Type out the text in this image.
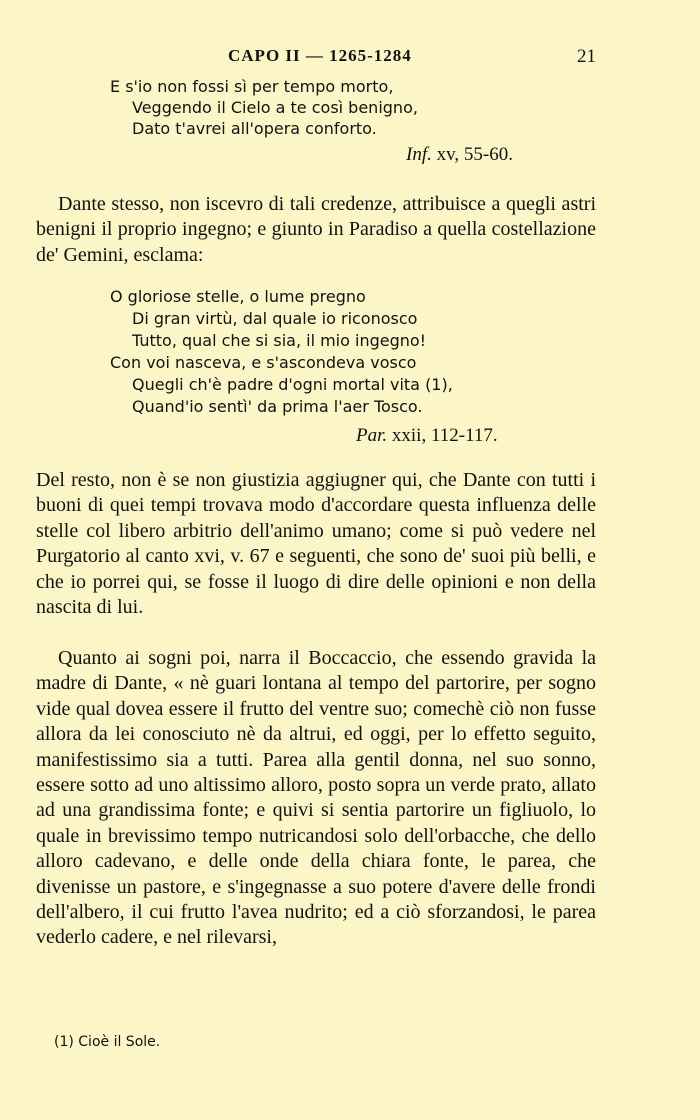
CAPO II — 1265-1284	21
E s'io non fossi sì per tempo morto,
Veggendo il Cielo a te così benigno,
Dato t'avrei all'opera conforto.
Inf. xv, 55-60.

Dante stesso, non iscevro di tali credenze, attribuisce a quegli astri benigni il proprio ingegno; e giunto in Paradiso a quella costellazione de' Gemini, esclama:

O gloriose stelle, o lume pregno
Di gran virtù, dal quale io riconosco
Tutto, qual che si sia, il mio ingegno!
Con voi nasceva, e s'ascondeva vosco
Quegli ch'è padre d'ogni mortal vita (1),
Quand'io sentì' da prima l'aer Tosco.
Par. xxii, 112-117.

Del resto, non è se non giustizia aggiugner qui, che Dante con tutti i buoni di quei tempi trovava modo d'accordare questa influenza delle stelle col libero arbitrio dell'animo umano; come si può vedere nel Purgatorio al canto xvi, v. 67 e seguenti, che sono de' suoi più belli, e che io porrei qui, se fosse il luogo di dire delle opinioni e non della nascita di lui.

Quanto ai sogni poi, narra il Boccaccio, che essendo gravida la madre di Dante, « nè guari lontana al tempo del partorire, per sogno vide qual dovea essere il frutto del ventre suo; comechè ciò non fusse allora da lei conosciuto nè da altrui, ed oggi, per lo effetto seguito, manifestissimo sia a tutti. Parea alla gentil donna, nel suo sonno, essere sotto ad uno altissimo alloro, posto sopra un verde prato, allato ad una grandissima fonte; e quivi si sentia partorire un figliuolo, lo quale in brevissimo tempo nutricandosi solo dell'orbacche, che dello alloro cadevano, e delle onde della chiara fonte, le parea, che divenisse un pastore, e s'ingegnasse a suo potere d'avere delle frondi dell'albero, il cui frutto l'avea nudrito; ed a ciò sforzandosi, le parea vederlo cadere, e nel rilevarsi,

(1) Cioè il Sole.
